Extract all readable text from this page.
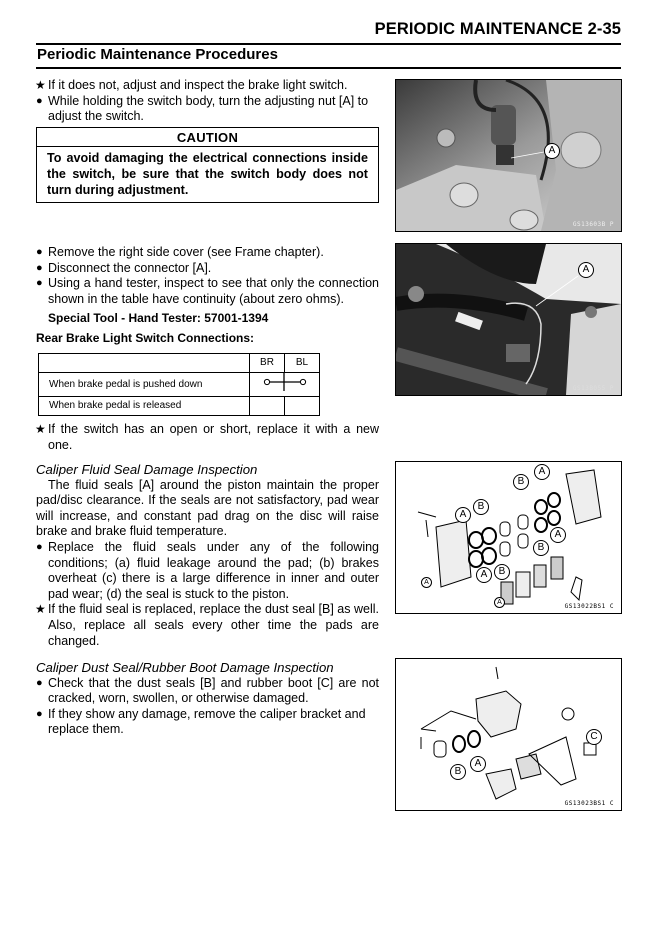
PERIODIC MAINTENANCE 2-35
Periodic Maintenance Procedures
★ If it does not, adjust and inspect the brake light switch.
● While holding the switch body, turn the adjusting nut [A] to adjust the switch.
CAUTION
To avoid damaging the electrical connections inside the switch, be sure that the switch body does not turn during adjustment.
● Remove the right side cover (see Frame chapter).
● Disconnect the connector [A].
● Using a hand tester, inspect to see that only the connection shown in the table have continuity (about zero ohms).
Special Tool - Hand Tester: 57001-1394
Rear Brake Light Switch Connections:
	BR	BL
When brake pedal is pushed down	
When brake pedal is released		
★ If the switch has an open or short, replace it with a new one.
Caliper Fluid Seal Damage Inspection
The fluid seals [A] around the piston maintain the proper pad/disc clearance. If the seals are not satisfactory, pad wear will increase, and constant pad drag on the disc will raise brake and brake fluid temperature.
● Replace the fluid seals under any of the following conditions; (a) fluid leakage around the pad; (b) brakes overheat (c) there is a large difference in inner and outer pad wear; (d) the seal is stuck to the piston.
★ If the fluid seal is replaced, replace the dust seal [B] as well. Also, replace all seals every other time the pads are changed.
Caliper Dust Seal/Rubber Boot Damage Inspection
● Check that the dust seals [B] and rubber boot [C] are not cracked, worn, swollen, or otherwise damaged.
● If they show any damage, remove the caliper bracket and replace them.
A
GS13603B P
A
GS13B055 P
A
B
A
A
B
B
A	B
A
A
GS13022BS1 C
C
A
B
GS13023BS1 C
